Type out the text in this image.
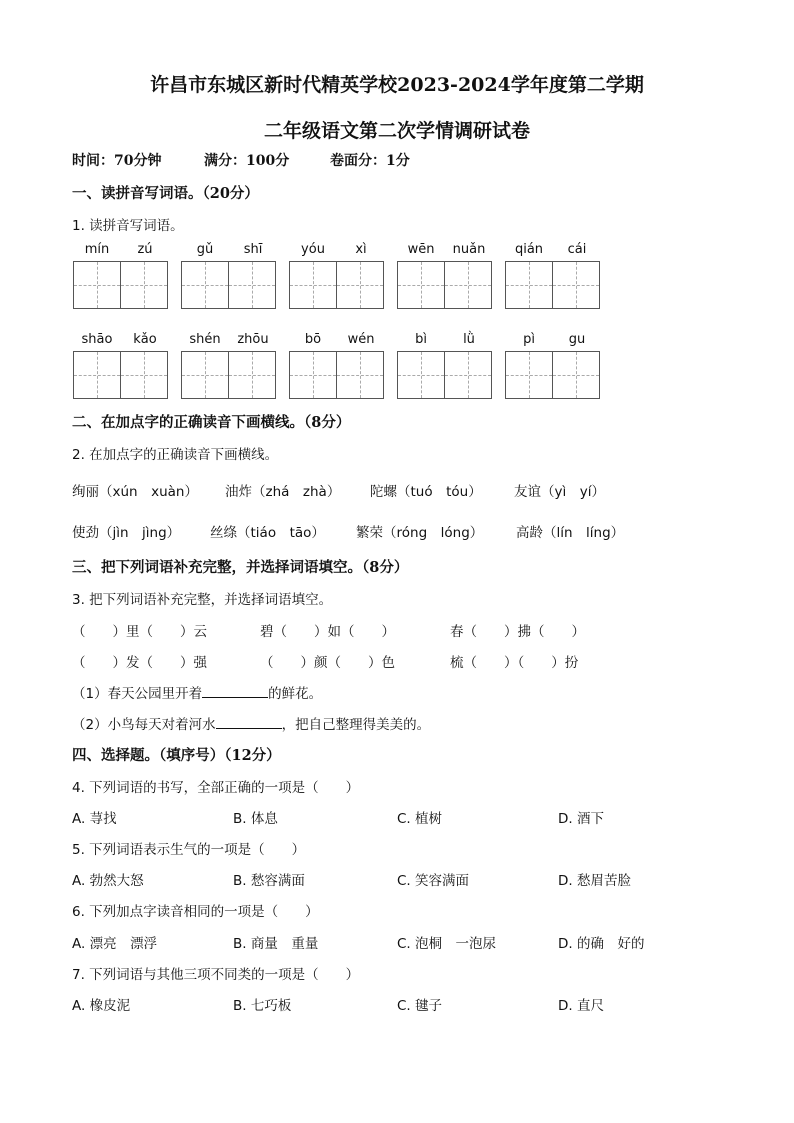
许昌市东城区新时代精英学校2023-2024学年度第二学期
二年级语文第二次学情调研试卷
时间：70分钟	满分：100分	卷面分：1分
一、读拼音写词语。（20分）
1. 读拼音写词语。
mín	zú	gǔ	shī	yóu	xì	wēn	nuǎn	qián	cái
shāo	kǎo	shén	zhōu	bō	wén	bì	lǜ	pì	gu
二、在加点字的正确读音下画横线。（8分）
2. 在加点字的正确读音下画横线。
绚丽（xún　xuàn） 油炸（zhá　zhà） 陀螺（tuó　tóu） 友谊（yì　yí）
使劲（jìn　jìng） 丝绦（tiáo　tāo） 繁荣（róng　lóng） 高龄（lín　líng）
三、把下列词语补充完整，并选择词语填空。（8分）
3. 把下列词语补充完整，并选择词语填空。
（　　）里（　　）云	碧（　　）如（　　）	春（　　）拂（　　）
（　　）发（　　）强	（　　）颜（　　）色	梳（　　）（　　）扮
（1）春天公园里开着	的鲜花。
（2）小鸟每天对着河水	，把自己整理得美美的。
四、选择题。（填序号）（12分）
4. 下列词语的书写，全部正确的一项是（　　）
A. 荨找	B. 体息	C. 植树	D. 酒下
5. 下列词语表示生气的一项是（　　）
A. 勃然大怒	B. 愁容满面	C. 笑容满面	D. 愁眉苦脸
6. 下列加点字读音相同的一项是（　　）
A. 漂亮　漂浮	B. 商量　重量	C. 泡桐　一泡尿	D. 的确　好的
7. 下列词语与其他三项不同类的一项是（　　）
A. 橡皮泥	B. 七巧板	C. 毽子	D. 直尺
